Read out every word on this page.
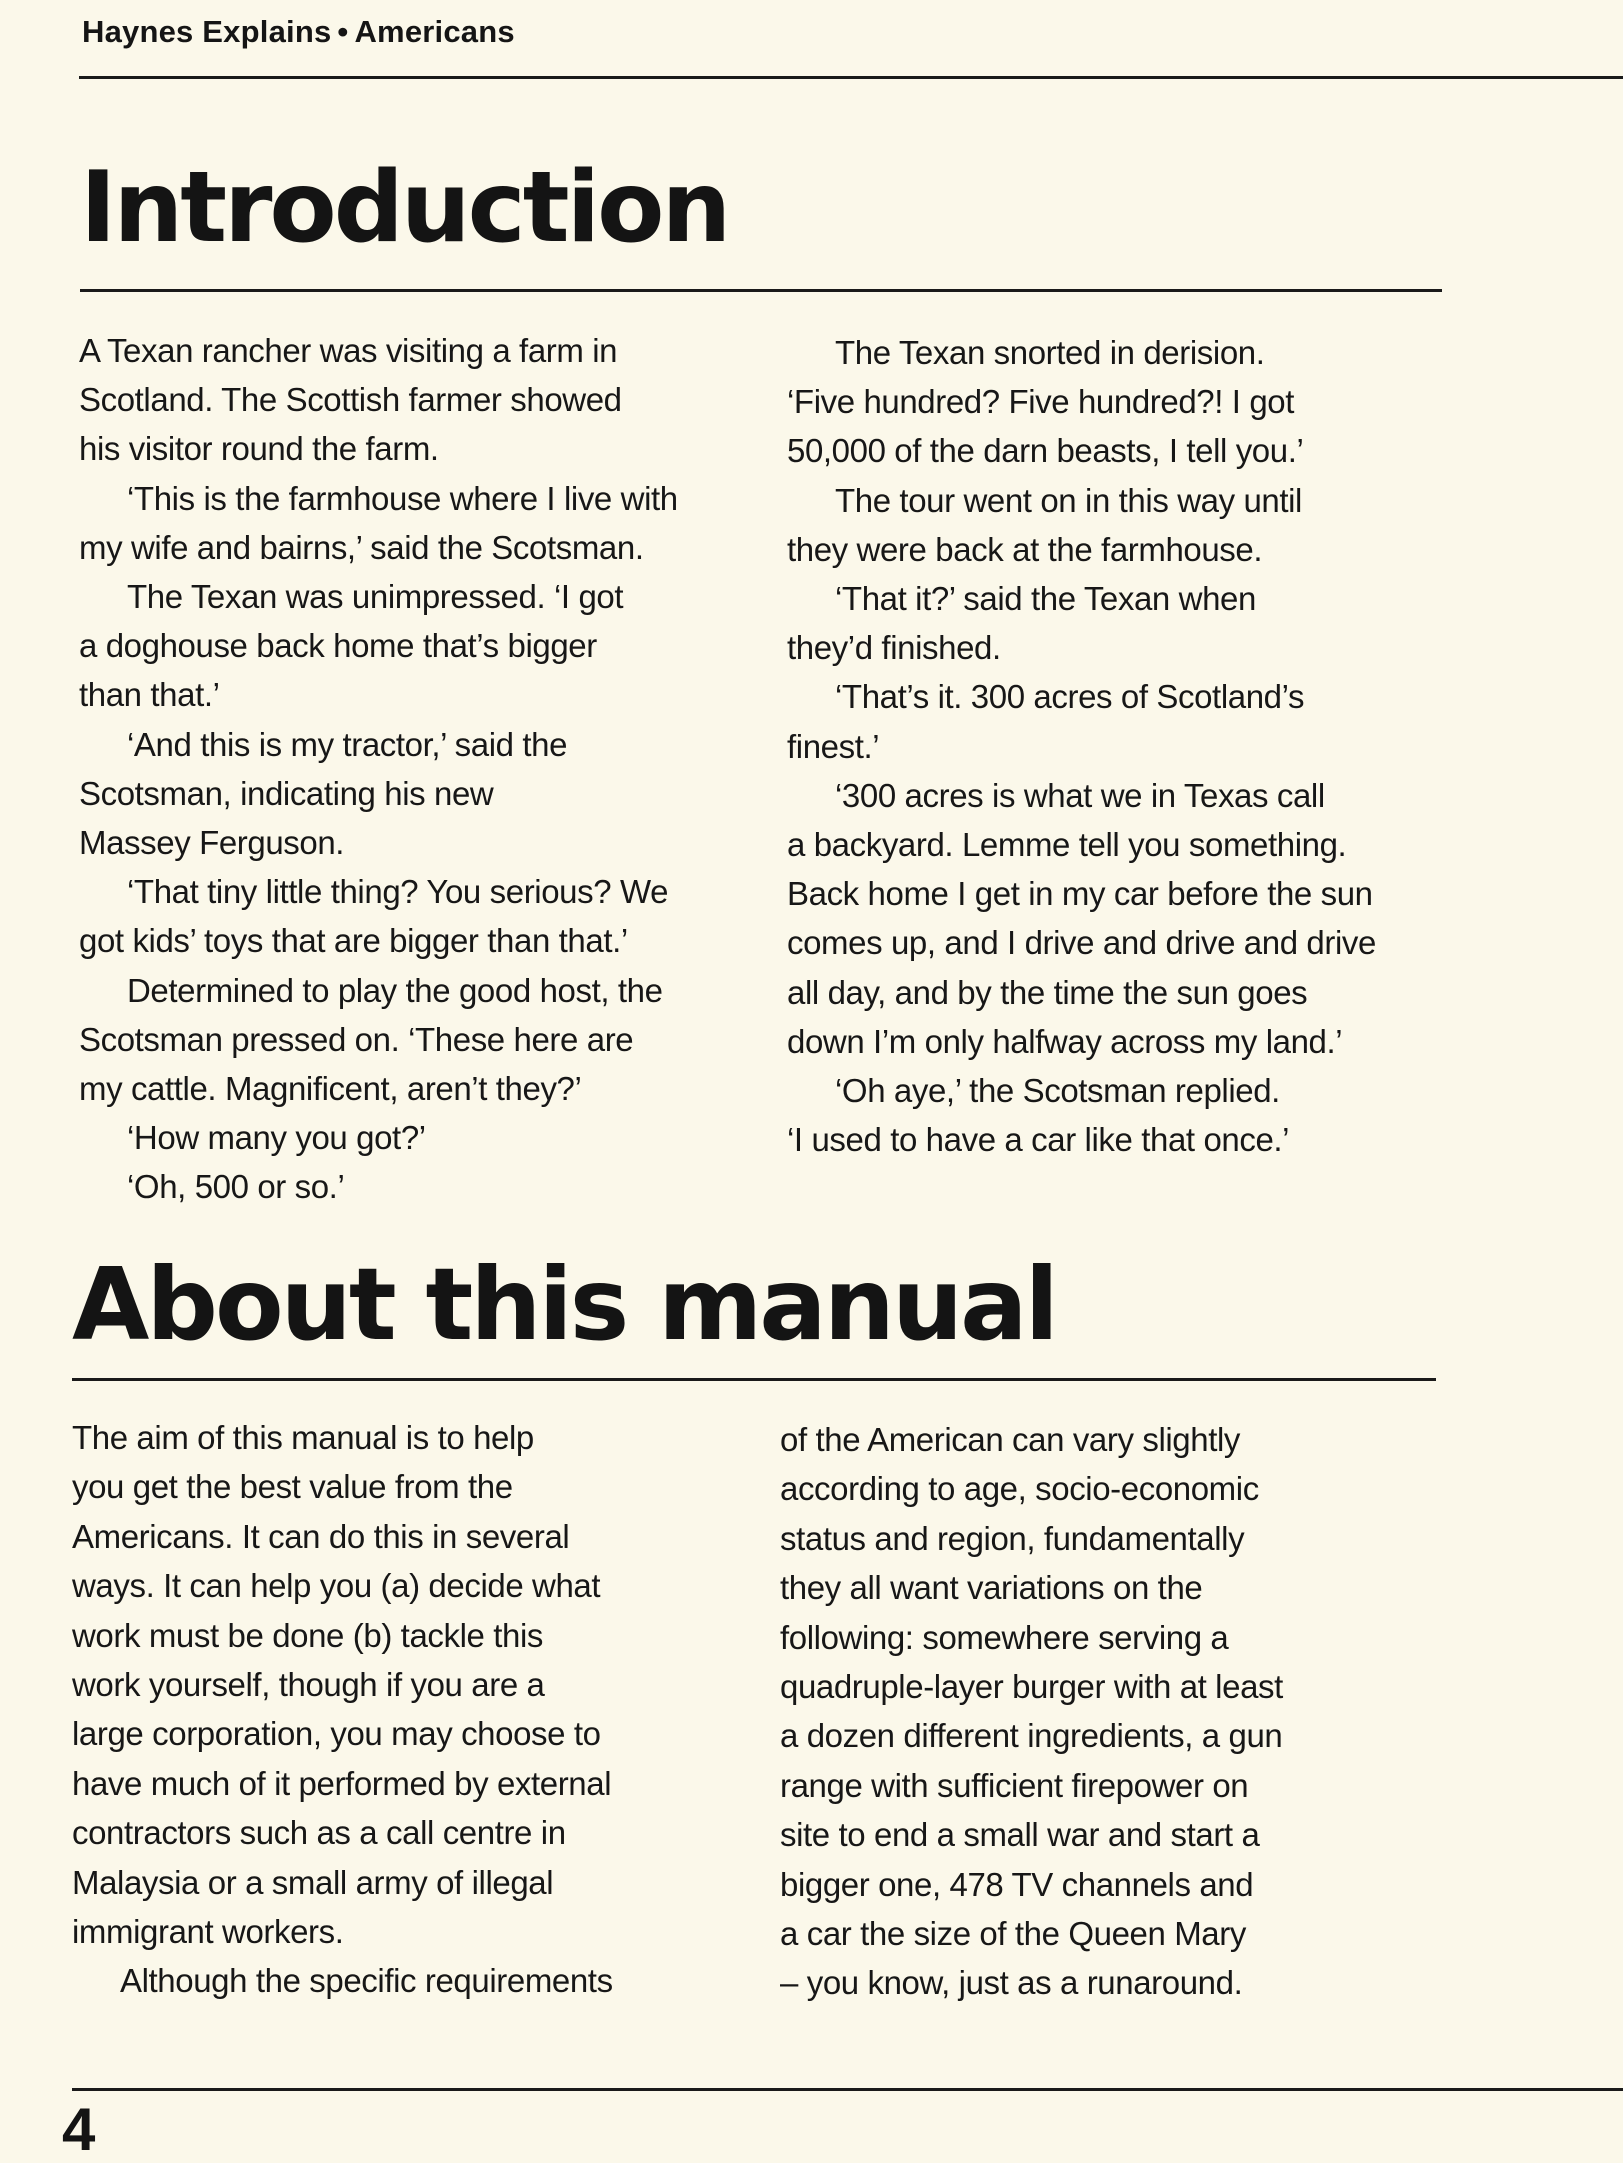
Haynes Explains • Americans
Introduction
A Texan rancher was visiting a farm in
Scotland. The Scottish farmer showed
his visitor round the farm.
‘This is the farmhouse where I live with
my wife and bairns,’ said the Scotsman.
The Texan was unimpressed. ‘I got
a doghouse back home that’s bigger
than that.’
‘And this is my tractor,’ said the
Scotsman, indicating his new
Massey Ferguson.
‘That tiny little thing? You serious? We
got kids’ toys that are bigger than that.’
Determined to play the good host, the
Scotsman pressed on. ‘These here are
my cattle. Magnificent, aren’t they?’
‘How many you got?’
‘Oh, 500 or so.’
The Texan snorted in derision.
‘Five hundred? Five hundred?! I got
50,000 of the darn beasts, I tell you.’
The tour went on in this way until
they were back at the farmhouse.
‘That it?’ said the Texan when
they’d finished.
‘That’s it. 300 acres of Scotland’s
finest.’
‘300 acres is what we in Texas call
a backyard. Lemme tell you something.
Back home I get in my car before the sun
comes up, and I drive and drive and drive
all day, and by the time the sun goes
down I’m only halfway across my land.’
‘Oh aye,’ the Scotsman replied.
‘I used to have a car like that once.’
About this manual
The aim of this manual is to help
you get the best value from the
Americans. It can do this in several
ways. It can help you (a) decide what
work must be done (b) tackle this
work yourself, though if you are a
large corporation, you may choose to
have much of it performed by external
contractors such as a call centre in
Malaysia or a small army of illegal
immigrant workers.
Although the specific requirements
of the American can vary slightly
according to age, socio-economic
status and region, fundamentally
they all want variations on the
following: somewhere serving a
quadruple-layer burger with at least
a dozen different ingredients, a gun
range with sufficient firepower on
site to end a small war and start a
bigger one, 478 TV channels and
a car the size of the Queen Mary
– you know, just as a runaround.
4
